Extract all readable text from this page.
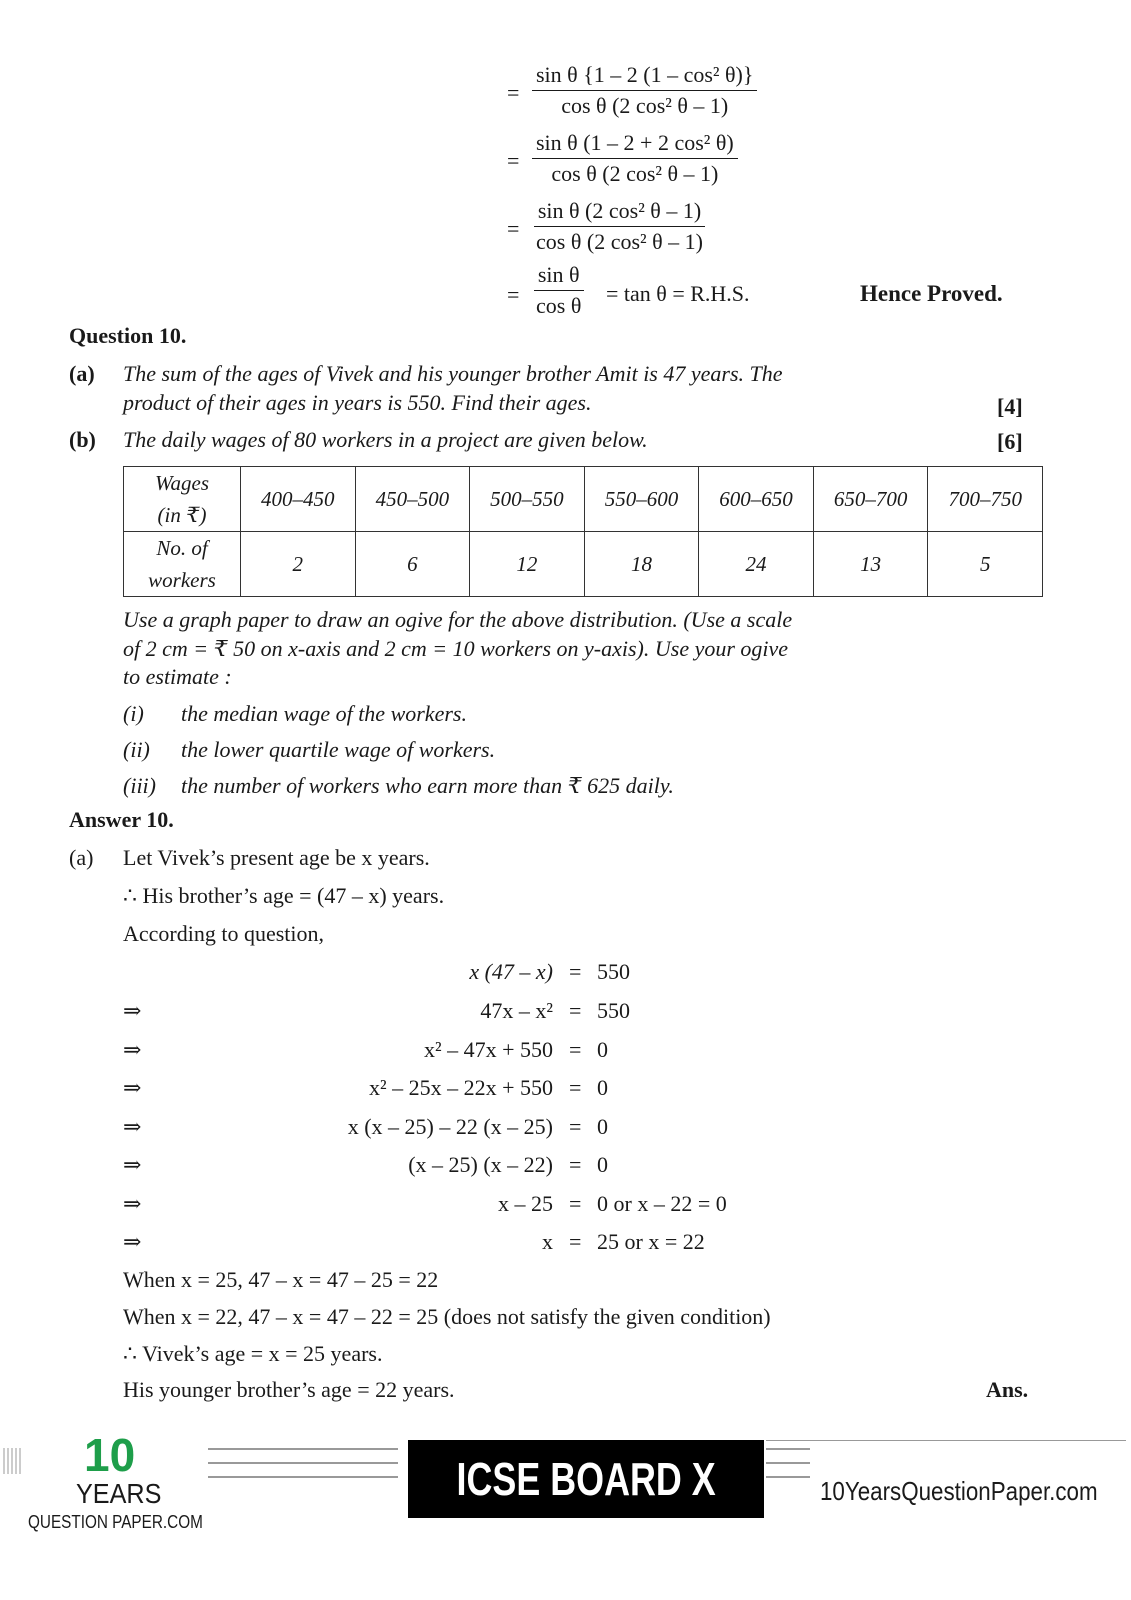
= $\frac{\text{sin θ \{1 – 2 (1 – cos² θ)\}}}{\text{cos θ (2 cos² θ – 1)}}$
= $\frac{\text{sin θ (1 – 2 + 2 cos² θ)}}{\text{cos θ (2 cos² θ – 1)}}$
= $\frac{\text{sin θ (2 cos² θ – 1)}}{\text{cos θ (2 cos² θ – 1)}}$
= $\frac{\text{sin θ}}{\text{cos θ}} = \tan \theta = R.H.S$.	Hence Proved.
Question 10.
(a) The sum of the ages of Vivek and his younger brother Amit is 47 years. The
product of their ages in years is 550. Find their ages.	[4]
(b) The daily wages of 80 workers in a project are given below.	[6]
Wages
(in ₹)	400–450	450–500	500–550	550–600	600–650	650–700	700–750
No. of
workers	2	6	12	18	24	13	5
Use a graph paper to draw an ogive for the above distribution. (Use a scale
of 2 cm = ₹ 50 on x-axis and 2 cm = 10 workers on y-axis). Use your ogive
to estimate :
(i) the median wage of the workers.
(ii) the lower quartile wage of workers.
(iii) the number of workers who earn more than ₹ 625 daily.
Answer 10.
(a) Let Vivek’s present age be x years.
∴ His brother’s age = (47 – x) years.
According to question,
x (47 – x) = 550
⇒	47x – x² = 550
⇒	x² – 47x + 550 = 0
⇒	x² – 25x – 22x + 550 = 0
⇒	x (x – 25) – 22 (x – 25) = 0
⇒	(x – 25) (x – 22) = 0
⇒	x – 25 = 0 or x – 22 = 0
⇒	x = 25 or x = 22
When x = 25, 47 – x = 47 – 25 = 22
When x = 22, 47 – x = 47 – 22 = 25 (does not satisfy the given condition)
∴ Vivek’s age = x = 25 years.
His younger brother’s age = 22 years.	Ans.
10
YEARS
QUESTION PAPER.COM
ICSE BOARD X	10YearsQuestionPaper.com
